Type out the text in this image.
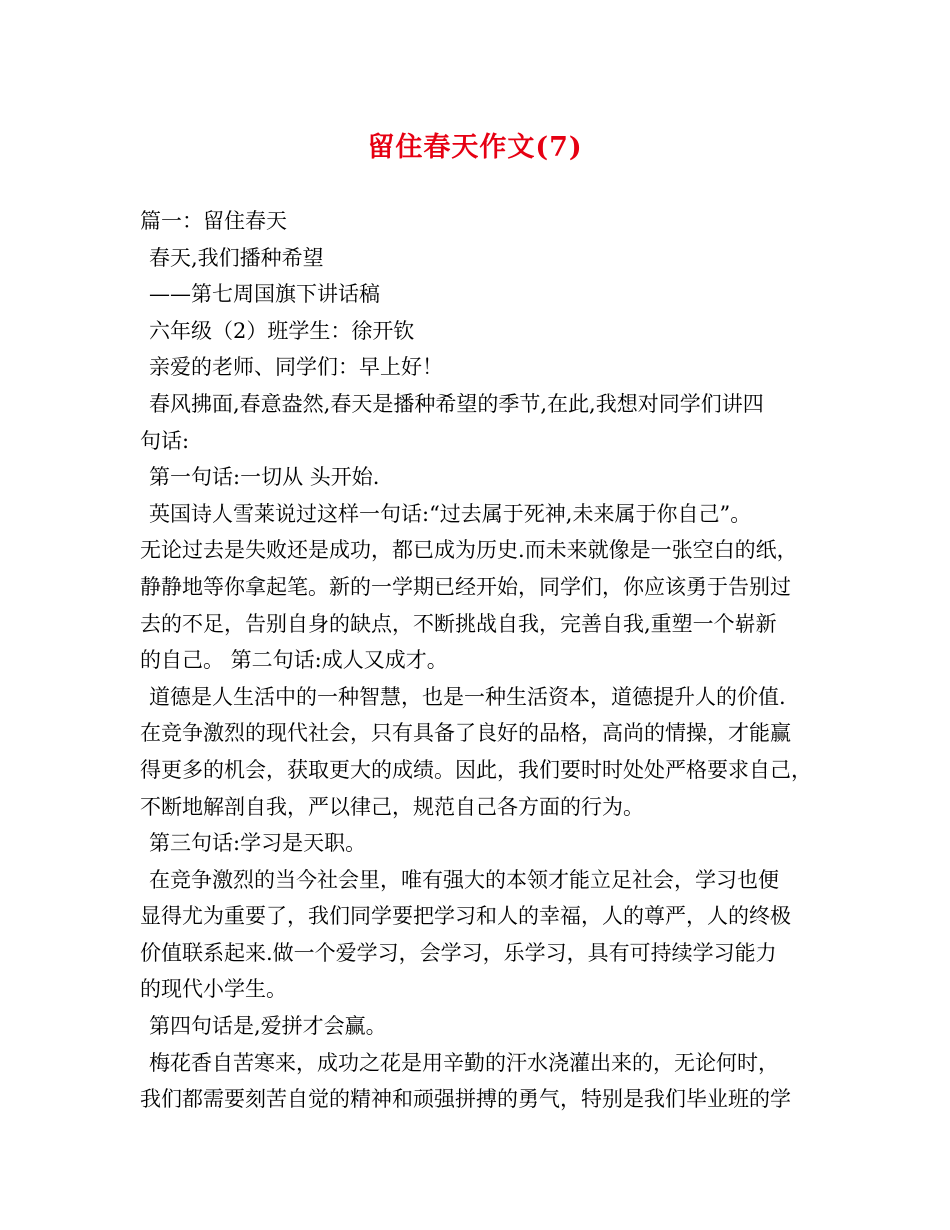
留住春天作文(7)
篇一：留住春天
春天,我们播种希望
——第七周国旗下讲话稿
六年级（2）班学生：徐开钦
亲爱的老师、同学们：早上好！
春风拂面,春意盎然,春天是播种希望的季节,在此,我想对同学们讲四
句话:
第一句话:一切从 头开始.
英国诗人雪莱说过这样一句话:“过去属于死神,未来属于你自己”。
无论过去是失败还是成功，都已成为历史.而未来就像是一张空白的纸，
静静地等你拿起笔。新的一学期已经开始，同学们，你应该勇于告别过
去的不足，告别自身的缺点，不断挑战自我，完善自我,重塑一个崭新
的自己。 第二句话:成人又成才。
道德是人生活中的一种智慧，也是一种生活资本，道德提升人的价值.
在竞争激烈的现代社会，只有具备了良好的品格，高尚的情操，才能赢
得更多的机会，获取更大的成绩。因此，我们要时时处处严格要求自己，
不断地解剖自我，严以律己，规范自己各方面的行为。
第三句话:学习是天职。
在竞争激烈的当今社会里，唯有强大的本领才能立足社会，学习也便
显得尤为重要了，我们同学要把学习和人的幸福，人的尊严，人的终极
价值联系起来.做一个爱学习，会学习，乐学习，具有可持续学习能力
的现代小学生。
第四句话是,爱拼才会赢。
梅花香自苦寒来，成功之花是用辛勤的汗水浇灌出来的，无论何时，
我们都需要刻苦自觉的精神和顽强拼搏的勇气，特别是我们毕业班的学
